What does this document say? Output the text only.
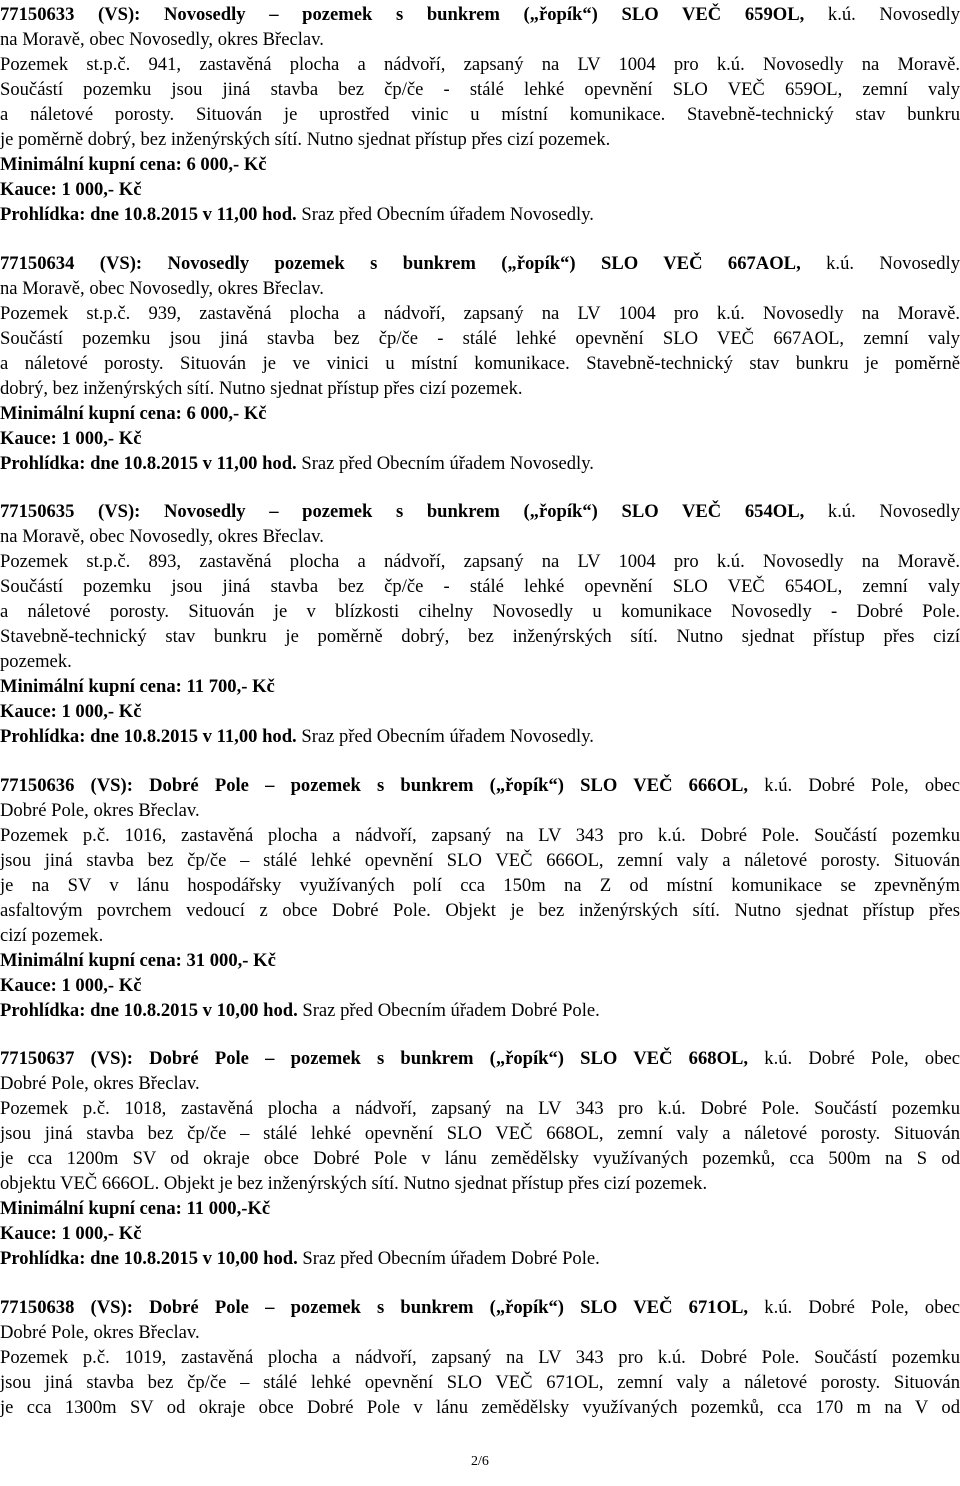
77150633 (VS): Novosedly – pozemek s bunkrem („řopík“) SLO VEČ 659OL, k.ú. Novosedly
na Moravě, obec Novosedly, okres Břeclav.
Pozemek st.p.č. 941, zastavěná plocha a nádvoří, zapsaný na LV 1004 pro k.ú. Novosedly na Moravě.
Součástí pozemku jsou jiná stavba bez čp/če - stálé lehké opevnění SLO VEČ 659OL, zemní valy
a náletové porosty. Situován je uprostřed vinic u místní komunikace. Stavebně-technický stav bunkru
je poměrně dobrý, bez inženýrských sítí. Nutno sjednat přístup přes cizí pozemek.
Minimální kupní cena: 6 000,- Kč
Kauce: 1 000,- Kč
Prohlídka: dne 10.8.2015 v 11,00 hod. Sraz před Obecním úřadem Novosedly.
77150634 (VS): Novosedly pozemek s bunkrem („řopík“) SLO VEČ 667AOL, k.ú. Novosedly
na Moravě, obec Novosedly, okres Břeclav.
Pozemek st.p.č. 939, zastavěná plocha a nádvoří, zapsaný na LV 1004 pro k.ú. Novosedly na Moravě.
Součástí pozemku jsou jiná stavba bez čp/če - stálé lehké opevnění SLO VEČ 667AOL, zemní valy
a náletové porosty. Situován je ve vinici u místní komunikace. Stavebně-technický stav bunkru je poměrně
dobrý, bez inženýrských sítí. Nutno sjednat přístup přes cizí pozemek.
Minimální kupní cena: 6 000,- Kč
Kauce: 1 000,- Kč
Prohlídka: dne 10.8.2015 v 11,00 hod. Sraz před Obecním úřadem Novosedly.
77150635 (VS): Novosedly – pozemek s bunkrem („řopík“) SLO VEČ 654OL, k.ú. Novosedly
na Moravě, obec Novosedly, okres Břeclav.
Pozemek st.p.č. 893, zastavěná plocha a nádvoří, zapsaný na LV 1004 pro k.ú. Novosedly na Moravě.
Součástí pozemku jsou jiná stavba bez čp/če - stálé lehké opevnění SLO VEČ 654OL, zemní valy
a náletové porosty. Situován je v blízkosti cihelny Novosedly u komunikace Novosedly - Dobré Pole.
Stavebně-technický stav bunkru je poměrně dobrý, bez inženýrských sítí. Nutno sjednat přístup přes cizí
pozemek.
Minimální kupní cena: 11 700,- Kč
Kauce: 1 000,- Kč
Prohlídka: dne 10.8.2015 v 11,00 hod. Sraz před Obecním úřadem Novosedly.
77150636 (VS): Dobré Pole – pozemek s bunkrem („řopík“) SLO VEČ 666OL, k.ú. Dobré Pole, obec
Dobré Pole, okres Břeclav.
Pozemek p.č. 1016, zastavěná plocha a nádvoří, zapsaný na LV 343 pro k.ú. Dobré Pole. Součástí pozemku
jsou jiná stavba bez čp/če – stálé lehké opevnění SLO VEČ 666OL, zemní valy a náletové porosty. Situován
je na SV v lánu hospodářsky využívaných polí cca 150m na Z od místní komunikace se zpevněným
asfaltovým povrchem vedoucí z obce Dobré Pole. Objekt je bez inženýrských sítí. Nutno sjednat přístup přes
cizí pozemek.
Minimální kupní cena: 31 000,- Kč
Kauce: 1 000,- Kč
Prohlídka: dne 10.8.2015 v 10,00 hod. Sraz před Obecním úřadem Dobré Pole.
77150637 (VS): Dobré Pole – pozemek s bunkrem („řopík“) SLO VEČ 668OL, k.ú. Dobré Pole, obec
Dobré Pole, okres Břeclav.
Pozemek p.č. 1018, zastavěná plocha a nádvoří, zapsaný na LV 343 pro k.ú. Dobré Pole. Součástí pozemku
jsou jiná stavba bez čp/če – stálé lehké opevnění SLO VEČ 668OL, zemní valy a náletové porosty. Situován
je cca 1200m SV od okraje obce Dobré Pole v lánu zemědělsky využívaných pozemků, cca 500m na S od
objektu VEČ 666OL. Objekt je bez inženýrských sítí. Nutno sjednat přístup přes cizí pozemek.
Minimální kupní cena: 11 000,-Kč
Kauce: 1 000,- Kč
Prohlídka: dne 10.8.2015 v 10,00 hod. Sraz před Obecním úřadem Dobré Pole.
77150638 (VS): Dobré Pole – pozemek s bunkrem („řopík“) SLO VEČ 671OL, k.ú. Dobré Pole, obec
Dobré Pole, okres Břeclav.
Pozemek p.č. 1019, zastavěná plocha a nádvoří, zapsaný na LV 343 pro k.ú. Dobré Pole. Součástí pozemku
jsou jiná stavba bez čp/če – stálé lehké opevnění SLO VEČ 671OL, zemní valy a náletové porosty. Situován
je cca 1300m SV od okraje obce Dobré Pole v lánu zemědělsky využívaných pozemků, cca 170 m na V od
2/6
